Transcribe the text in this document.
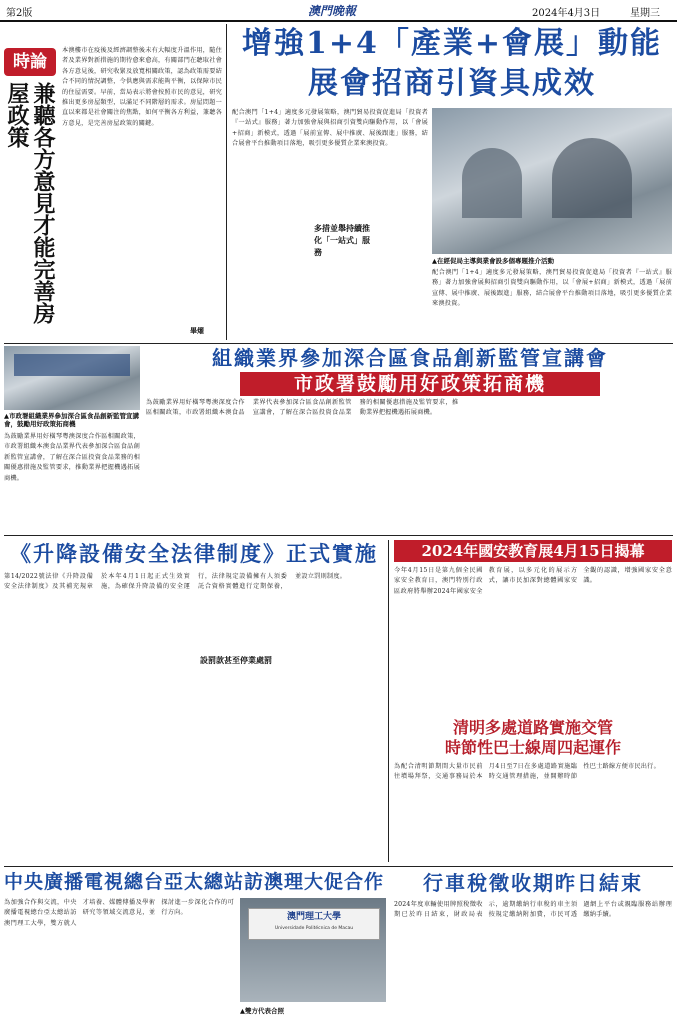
第2版	澳門晚報	2024年4月3日	星期三
時論
兼聽各方意見才能完善房屋政策
本澳樓市在疫後及經濟調整後未有大幅度升溫作用，隨住者及業界對新措施的期待愈來愈高，有關部門在聽取社會各方意見後，研究收緊及放寬相關政策，認為政策需要結合不同的情況調整，令供應與需求能夠平衡，以保障市民的住屋需要。早前，當局表示將會按照市民的意見，研究推出更多房屋類型，以滿足不同階層的需求。房屋問題一直以來都是社會關注的焦點，如何平衡各方利益，兼聽各方意見，是完善房屋政策的關鍵。
畢燿
增強1+4「產業+會展」動能
展會招商引資具成效
配合澳門「1+4」適度多元發展策略，澳門貿易投資促進局「投資者『一站式』服務」著力加強會展與招商引資雙向驅動作用，以「會展+招商」新模式，透過「展前宣傳、展中推廣、展後跟進」服務，結合展會平台推動項目落地，吸引更多優質企業來澳投資。
多措並舉持續推化「一站式」服務
▲在經促局主導與業會設多個專題推介活動
配合澳門「1+4」適度多元發展策略，澳門貿易投資促進局「投資者『一站式』服務」著力加強會展與招商引資雙向驅動作用，以「會展+招商」新模式，透過「展前宣傳、展中推廣、展後跟進」服務，結合展會平台推動項目落地，吸引更多優質企業來澳投資。
組織業界參加深合區食品創新監管宣講會
市政署鼓勵用好政策拓商機
▲市政署組織業界參加深合區食品創新監管宣講會，鼓勵用好政策拓商機
為鼓勵業界用好橫琴粵澳深度合作區相關政策，市政署組織本澳食品業界代表參加深合區食品創新監管宣講會，了解在深合區投資食品業務的相關優惠措施及監管要求，推動業界把握機遇拓展商機。
為鼓勵業界用好橫琴粵澳深度合作區相關政策，市政署組織本澳食品業界代表參加深合區食品創新監管宣講會，了解在深合區投資食品業務的相關優惠措施及監管要求，推動業界把握機遇拓展商機。
《升降設備安全法律制度》正式實施
第14/2022號法律《升降設備安全法律制度》及其補充規章於本年4月1日起正式生效實施，為確保升降設備的安全運行，法律規定設備擁有人須委託合資格實體進行定期保養，並設立罰則制度。
設罰款甚至停業處罰
2024年國安教育展4月15日揭幕
今年4月15日是第九個全民國家安全教育日，澳門特別行政區政府將舉辦2024年國家安全教育展，以多元化的展示方式，讓市民加深對總體國家安全觀的認識，增強國家安全意識。
清明多處道路實施交管
時節性巴士線周四起運作
為配合清明節期間大量市民前往墳場拜祭，交通事務局於本月4日至7日在多處道路實施臨時交通管理措施，並開辦時節性巴士路線方便市民出行。
中央廣播電視總台亞太總站訪澳理大促合作
為加強合作與交流，中央廣播電視總台亞太總站訪澳門理工大學，雙方就人才培養、媒體傳播及學術研究等領域交流意見，並探討進一步深化合作的可行方向。	澳門理工大學
Universidade Politécnica de Macau
▲雙方代表合照
行車稅徵收期昨日結束
2024年度車輛使用牌照稅徵收期已於昨日結束，財政局表示，逾期繳納行車稅的車主須按規定繳納附加費，市民可透過網上平台或親臨服務站辦理繳納手續。
